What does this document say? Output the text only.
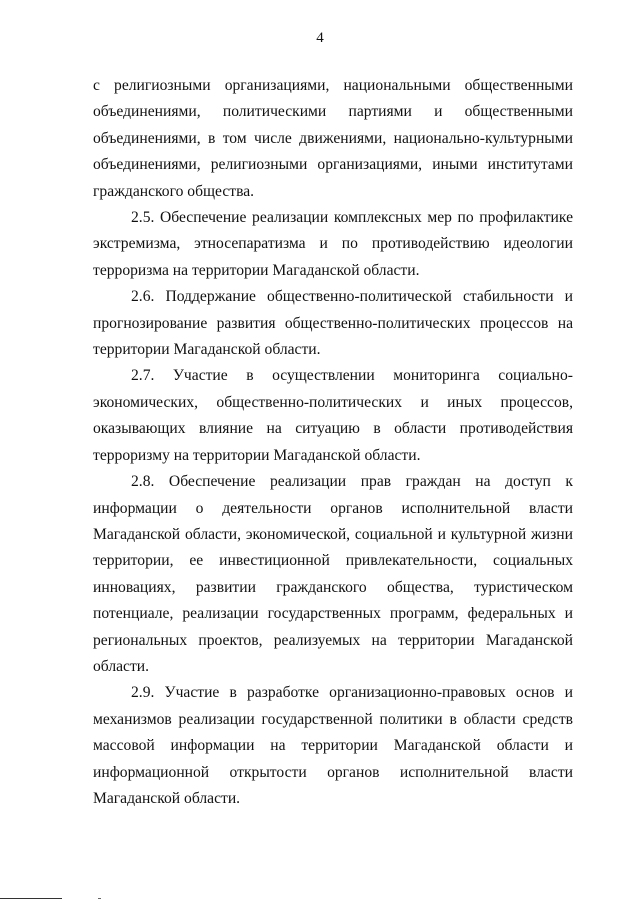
4

с религиозными организациями, национальными общественными объединениями, политическими партиями и общественными объединениями, в том числе движениями, национально-культурными объединениями, религиозными организациями, иными институтами гражданского общества.

2.5. Обеспечение реализации комплексных мер по профилактике экстремизма, этносепаратизма и по противодействию идеологии терроризма на территории Магаданской области.

2.6. Поддержание общественно-политической стабильности и прогнозирование развития общественно-политических процессов на территории Магаданской области.

2.7. Участие в осуществлении мониторинга социально-экономических, общественно-политических и иных процессов, оказывающих влияние на ситуацию в области противодействия терроризму на территории Магаданской области.

2.8. Обеспечение реализации прав граждан на доступ к информации о деятельности органов исполнительной власти Магаданской области, экономической, социальной и культурной жизни территории, ее инвестиционной привлекательности, социальных инновациях, развитии гражданского общества, туристическом потенциале, реализации государственных программ, федеральных и региональных проектов, реализуемых на территории Магаданской области.

2.9. Участие в разработке организационно-правовых основ и механизмов реализации государственной политики в области средств массовой информации на территории Магаданской области и информационной открытости органов исполнительной власти Магаданской области.
